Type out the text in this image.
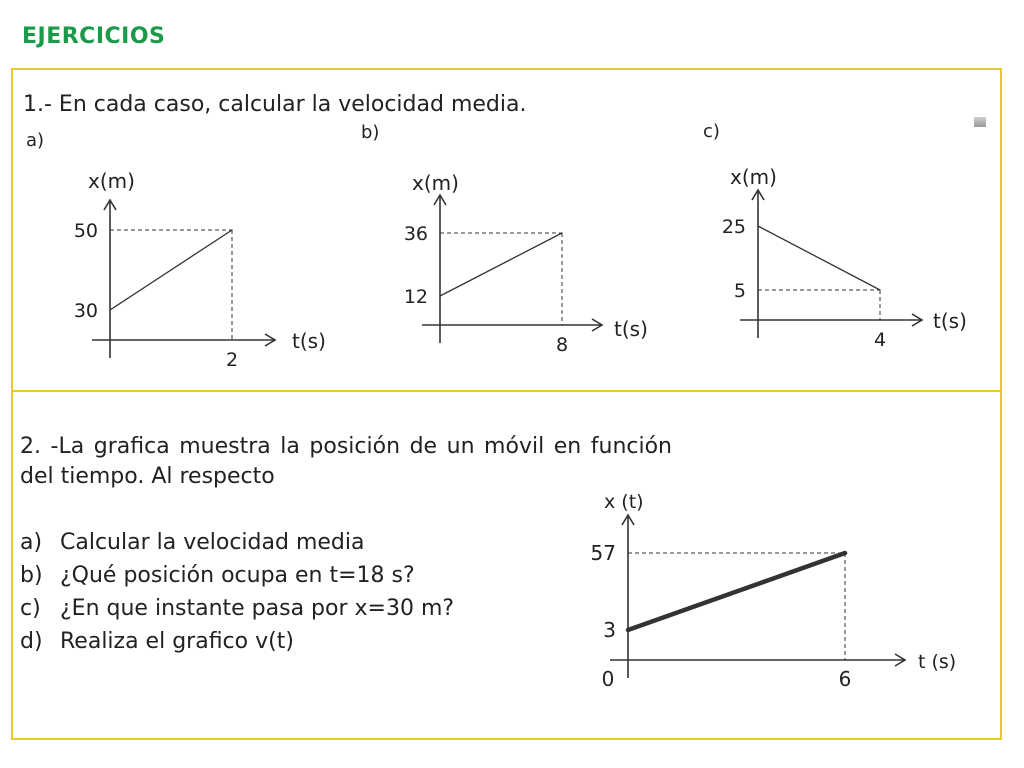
EJERCICIOS
1.- En cada caso, calcular la velocidad media.
2. -La grafica muestra la posición de un móvil en función del tiempo. Al respecto
a) Calcular la velocidad media
b) ¿Qué posición ocupa en t=18 s?
c) ¿En que instante pasa por x=30 m?
d) Realiza el grafico v(t)
a)
x(m)
t(s)
30
50
2
b)
x(m)
t(s)
12
36
8
c)
x(m)
t(s)
25
5
4
x (t)
t (s)
3
57
0	6
